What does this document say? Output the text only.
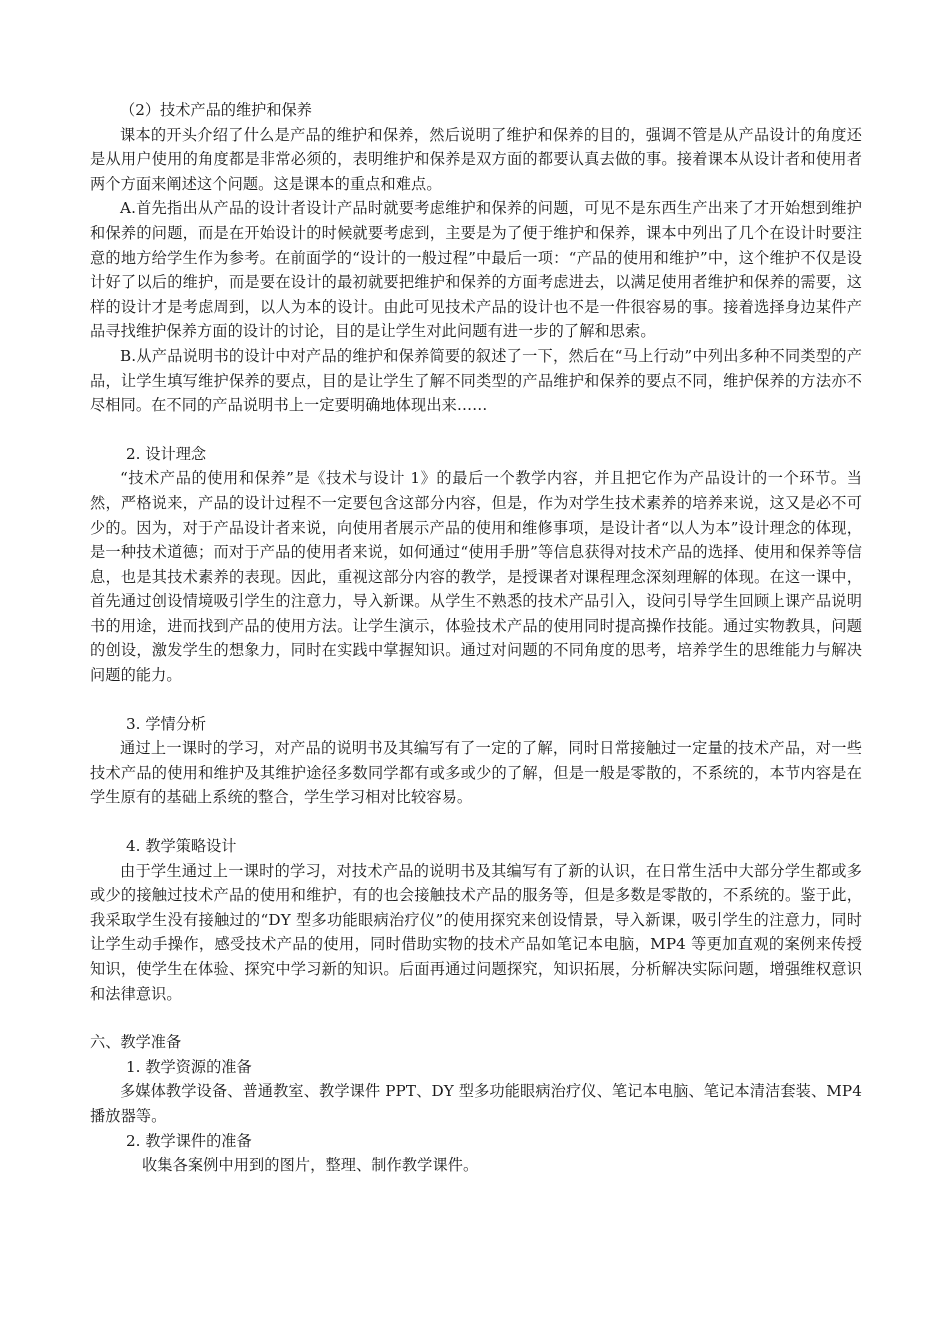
（2）技术产品的维护和保养

课本的开头介绍了什么是产品的维护和保养，然后说明了维护和保养的目的，强调不管是从产品设计的角度还是从用户使用的角度都是非常必须的，表明维护和保养是双方面的都要认真去做的事。接着课本从设计者和使用者两个方面来阐述这个问题。这是课本的重点和难点。

A.首先指出从产品的设计者设计产品时就要考虑维护和保养的问题，可见不是东西生产出来了才开始想到维护和保养的问题，而是在开始设计的时候就要考虑到，主要是为了便于维护和保养，课本中列出了几个在设计时要注意的地方给学生作为参考。在前面学的“设计的一般过程”中最后一项：“产品的使用和维护”中，这个维护不仅是设计好了以后的维护，而是要在设计的最初就要把维护和保养的方面考虑进去，以满足使用者维护和保养的需要，这样的设计才是考虑周到，以人为本的设计。由此可见技术产品的设计也不是一件很容易的事。接着选择身边某件产品寻找维护保养方面的设计的讨论，目的是让学生对此问题有进一步的了解和思索。

B.从产品说明书的设计中对产品的维护和保养简要的叙述了一下，然后在“马上行动”中列出多种不同类型的产品，让学生填写维护保养的要点，目的是让学生了解不同类型的产品维护和保养的要点不同，维护保养的方法亦不尽相同。在不同的产品说明书上一定要明确地体现出来……

2. 设计理念

“技术产品的使用和保养”是《技术与设计 1》的最后一个教学内容，并且把它作为产品设计的一个环节。当然，严格说来，产品的设计过程不一定要包含这部分内容，但是，作为对学生技术素养的培养来说，这又是必不可少的。因为，对于产品设计者来说，向使用者展示产品的使用和维修事项，是设计者“以人为本”设计理念的体现，是一种技术道德；而对于产品的使用者来说，如何通过“使用手册”等信息获得对技术产品的选择、使用和保养等信息，也是其技术素养的表现。因此，重视这部分内容的教学，是授课者对课程理念深刻理解的体现。在这一课中，首先通过创设情境吸引学生的注意力，导入新课。从学生不熟悉的技术产品引入，设问引导学生回顾上课产品说明书的用途，进而找到产品的使用方法。让学生演示，体验技术产品的使用同时提高操作技能。通过实物教具，问题的创设，激发学生的想象力，同时在实践中掌握知识。通过对问题的不同角度的思考，培养学生的思维能力与解决问题的能力。

3. 学情分析

通过上一课时的学习，对产品的说明书及其编写有了一定的了解，同时日常接触过一定量的技术产品，对一些技术产品的使用和维护及其维护途径多数同学都有或多或少的了解，但是一般是零散的，不系统的，本节内容是在学生原有的基础上系统的整合，学生学习相对比较容易。

4. 教学策略设计

由于学生通过上一课时的学习，对技术产品的说明书及其编写有了新的认识，在日常生活中大部分学生都或多或少的接触过技术产品的使用和维护，有的也会接触技术产品的服务等，但是多数是零散的，不系统的。鉴于此，我采取学生没有接触过的“DY 型多功能眼病治疗仪”的使用探究来创设情景，导入新课，吸引学生的注意力，同时让学生动手操作，感受技术产品的使用，同时借助实物的技术产品如笔记本电脑，MP4 等更加直观的案例来传授知识，使学生在体验、探究中学习新的知识。后面再通过问题探究，知识拓展，分析解决实际问题，增强维权意识和法律意识。

六、教学准备

1. 教学资源的准备

多媒体教学设备、普通教室、教学课件 PPT、DY 型多功能眼病治疗仪、笔记本电脑、笔记本清洁套装、MP4 播放器等。

2. 教学课件的准备

收集各案例中用到的图片，整理、制作教学课件。
